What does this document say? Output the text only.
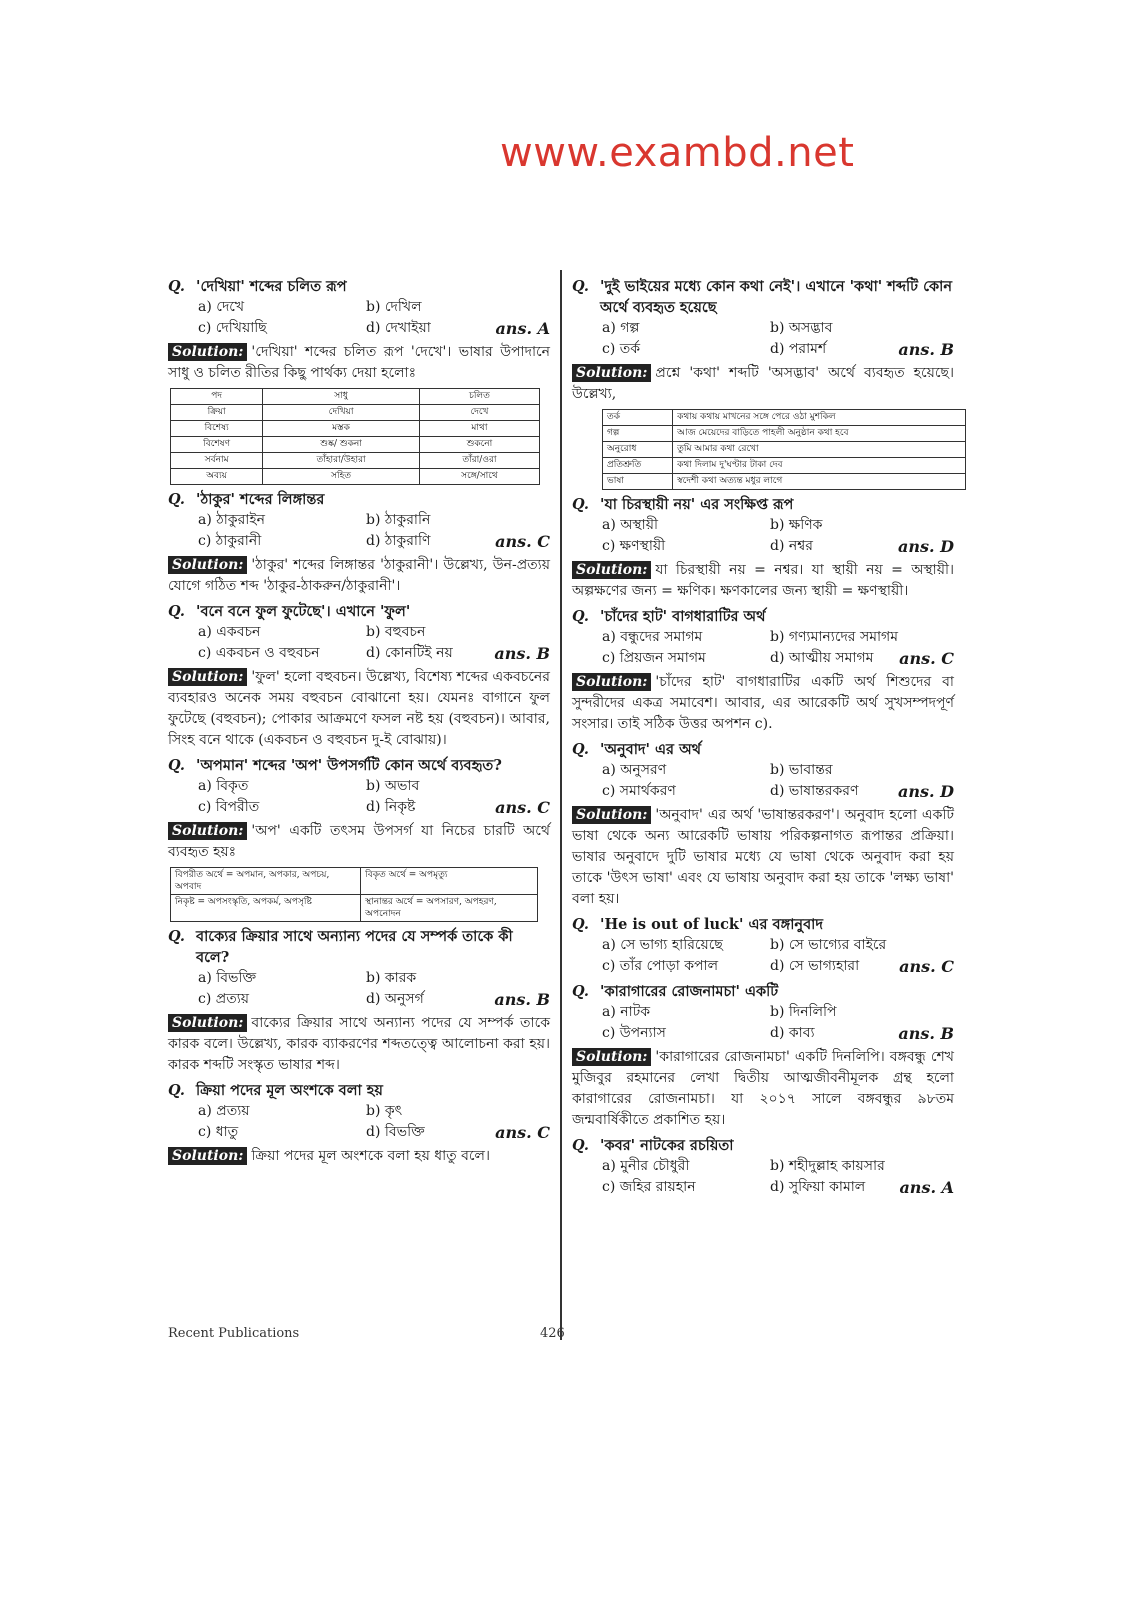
www.exambd.net
Q. 'দেখিয়া' শব্দের চলিত রূপ
a) দেখে	b) দেখিল
c) দেখিয়াছি	d) দেখাইয়া	ans. A
Solution: 'দেখিয়া' শব্দের চলিত রূপ 'দেখে'। ভাষার উপাদানে সাধু ও চলিত রীতির কিছু পার্থক্য দেয়া হলোঃ
পদ	সাধু	চলিত
ক্রিয়া	দেখিয়া	দেখে
বিশেষ্য	মস্তক	মাথা
বিশেষণ	শুষ্ক/ শুকনা	শুকনো
সর্বনাম	তাঁহারা/উহারা	তাঁরা/ওরা
অব্যয়	সহিত	সঙ্গে/সাথে
Q. 'ঠাকুর' শব্দের লিঙ্গান্তর
a) ঠাকুরাইন	b) ঠাকুরানি
c) ঠাকুরানী	d) ঠাকুরাণি	ans. C
Solution: 'ঠাকুর' শব্দের লিঙ্গান্তর 'ঠাকুরানী'। উল্লেখ্য, উন-প্রত্যয় যোগে গঠিত শব্দ 'ঠাকুর-ঠাকরুন/ঠাকুরানী'।
Q. 'বনে বনে ফুল ফুটেছে'। এখানে 'ফুল'
a) একবচন	b) বহুবচন
c) একবচন ও বহুবচন	d) কোনটিই নয়	ans. B
Solution: 'ফুল' হলো বহুবচন। উল্লেখ্য, বিশেষ্য শব্দের একবচনের ব্যবহারও অনেক সময় বহুবচন বোঝানো হয়। যেমনঃ বাগানে ফুল ফুটেছে (বহুবচন); পোকার আক্রমণে ফসল নষ্ট হয় (বহুবচন)। আবার, সিংহ বনে থাকে (একবচন ও বহুবচন দু-ই বোঝায়)।
Q. 'অপমান' শব্দের 'অপ' উপসর্গটি কোন অর্থে ব্যবহৃত?
a) বিকৃত	b) অভাব
c) বিপরীত	d) নিকৃষ্ট	ans. C
Solution: 'অপ' একটি তৎসম উপসর্গ যা নিচের চারটি অর্থে ব্যবহৃত হয়ঃ
বিপরীত অর্থে = অপমান, অপকার, অপচয়, অপবাদ	বিকৃত অর্থে = অপমৃত্যু
নিকৃষ্ট = অপসংস্কৃতি, অপকর্ম, অপসৃষ্টি	স্থানান্তর অর্থে = অপসারণ, অপহরণ, অপনোদন
Q. বাক্যের ক্রিয়ার সাথে অন্যান্য পদের যে সম্পর্ক তাকে কী বলে?
a) বিভক্তি	b) কারক
c) প্রত্যয়	d) অনুসর্গ	ans. B
Solution: বাক্যের ক্রিয়ার সাথে অন্যান্য পদের যে সম্পর্ক তাকে কারক বলে। উল্লেখ্য, কারক ব্যাকরণের শব্দতত্ত্বে আলোচনা করা হয়। কারক শব্দটি সংস্কৃত ভাষার শব্দ।
Q. ক্রিয়া পদের মূল অংশকে বলা হয়
a) প্রত্যয়	b) কৃৎ
c) ধাতু	d) বিভক্তি	ans. C
Solution: ক্রিয়া পদের মূল অংশকে বলা হয় ধাতু বলে।
Q. 'দুই ভাইয়ের মধ্যে কোন কথা নেই'। এখানে 'কথা' শব্দটি কোন অর্থে ব্যবহৃত হয়েছে
a) গল্প	b) অসদ্ভাব
c) তর্ক	d) পরামর্শ	ans. B
Solution: প্রশ্নে 'কথা' শব্দটি 'অসদ্ভাব' অর্থে ব্যবহৃত হয়েছে। উল্লেখ্য,
তর্ক	কথায় কথায় মাখনের সঙ্গে পেরে ওঠা মুশকিল
গল্প	আজ মেয়েদের বাড়িতে পাহলী অনুষ্ঠান কথা হবে
অনুরোধ	তুমি আমার কথা রেখো
প্রতিশ্রুতি	কথা দিলাম দু'ঘণ্টার টাকা দেব
ভাষা	স্বদেশী কথা অত্যন্ত মধুর লাগে
Q. 'যা চিরস্থায়ী নয়' এর সংক্ষিপ্ত রূপ
a) অস্থায়ী	b) ক্ষণিক
c) ক্ষণস্থায়ী	d) নশ্বর	ans. D
Solution: যা চিরস্থায়ী নয় = নশ্বর। যা স্থায়ী নয় = অস্থায়ী। অল্পক্ষণের জন্য = ক্ষণিক। ক্ষণকালের জন্য স্থায়ী = ক্ষণস্থায়ী।
Q. 'চাঁদের হাট' বাগধারাটির অর্থ
a) বন্ধুদের সমাগম	b) গণ্যমান্যদের সমাগম
c) প্রিয়জন সমাগম	d) আত্মীয় সমাগম ans. C
Solution: 'চাঁদের হাট' বাগধারাটির একটি অর্থ শিশুদের বা সুন্দরীদের একত্র সমাবেশ। আবার, এর আরেকটি অর্থ সুখসম্পদপূর্ণ সংসার। তাই সঠিক উত্তর অপশন c).
Q. 'অনুবাদ' এর অর্থ
a) অনুসরণ	b) ভাবান্তর
c) সমার্থকরণ	d) ভাষান্তরকরণ ans. D
Solution: 'অনুবাদ' এর অর্থ 'ভাষান্তরকরণ'। অনুবাদ হলো একটি ভাষা থেকে অন্য আরেকটি ভাষায় পরিকল্পনাগত রূপান্তর প্রক্রিয়া। ভাষার অনুবাদে দুটি ভাষার মধ্যে যে ভাষা থেকে অনুবাদ করা হয় তাকে 'উৎস ভাষা' এবং যে ভাষায় অনুবাদ করা হয় তাকে 'লক্ষ্য ভাষা' বলা হয়।
Q. 'He is out of luck' এর বঙ্গানুবাদ
a) সে ভাগ্য হারিয়েছে	b) সে ভাগ্যের বাইরে
c) তাঁর পোড়া কপাল	d) সে ভাগ্যহারা ans. C
Q. 'কারাগারের রোজনামচা' একটি
a) নাটক	b) দিনলিপি
c) উপন্যাস	d) কাব্য	ans. B
Solution: 'কারাগারের রোজনামচা' একটি দিনলিপি। বঙ্গবন্ধু শেখ মুজিবুর রহমানের লেখা দ্বিতীয় আত্মজীবনীমূলক গ্রন্থ হলো কারাগারের রোজনামচা। যা ২০১৭ সালে বঙ্গবন্ধুর ৯৮তম জন্মবার্ষিকীতে প্রকাশিত হয়।
Q. 'কবর' নাটকের রচয়িতা
a) মুনীর চৌধুরী	b) শহীদুল্লাহ কায়সার
c) জহির রায়হান	d) সুফিয়া কামাল ans. A
Recent Publications	426
